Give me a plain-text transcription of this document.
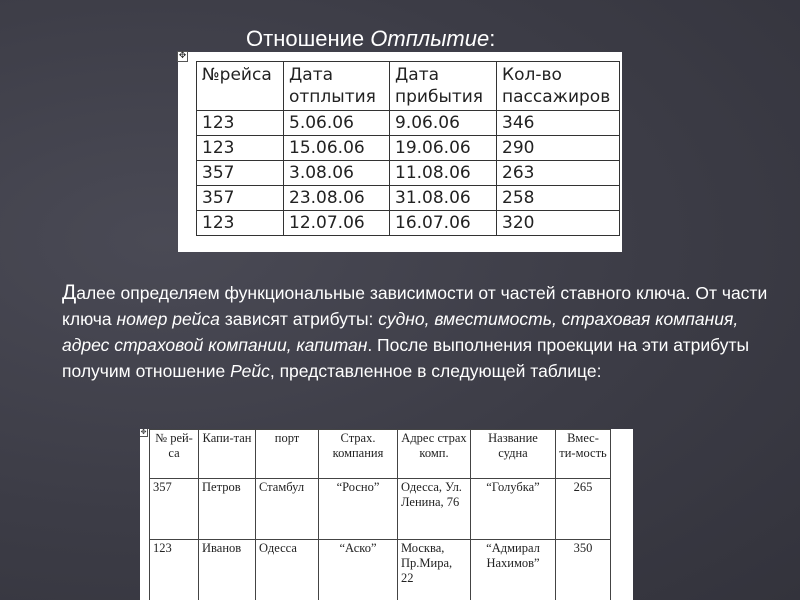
Отношение Отплытие:
✥
№рейса	Дата отплытия	Дата прибытия	Кол-во пассажиров
123	5.06.06	9.06.06	346
123	15.06.06	19.06.06	290
357	3.08.06	11.08.06	263
357	23.08.06	31.08.06	258
123	12.07.06	16.07.06	320
Далее определяем функциональные зависимости от частей ставного ключа. От части ключа номер рейса зависят атрибуты: судно, вместимость, страховая компания, адрес страховой компании, капитан. После выполнения проекции на эти атрибуты получим отношение Рейс, представленное в следующей таблице:
✥ № рей-са	Капи-тан	порт	Страх. компания	Адрес страх комп.	Название судна	Вмес-ти-мость
357	Петров	Стамбул	“Росно”	Одесса, Ул. Ленина, 76	“Голубка”	265
123	Иванов	Одесса	“Аско”	Москва, Пр.Мира, 22	“Адмирал Нахимов”	350
